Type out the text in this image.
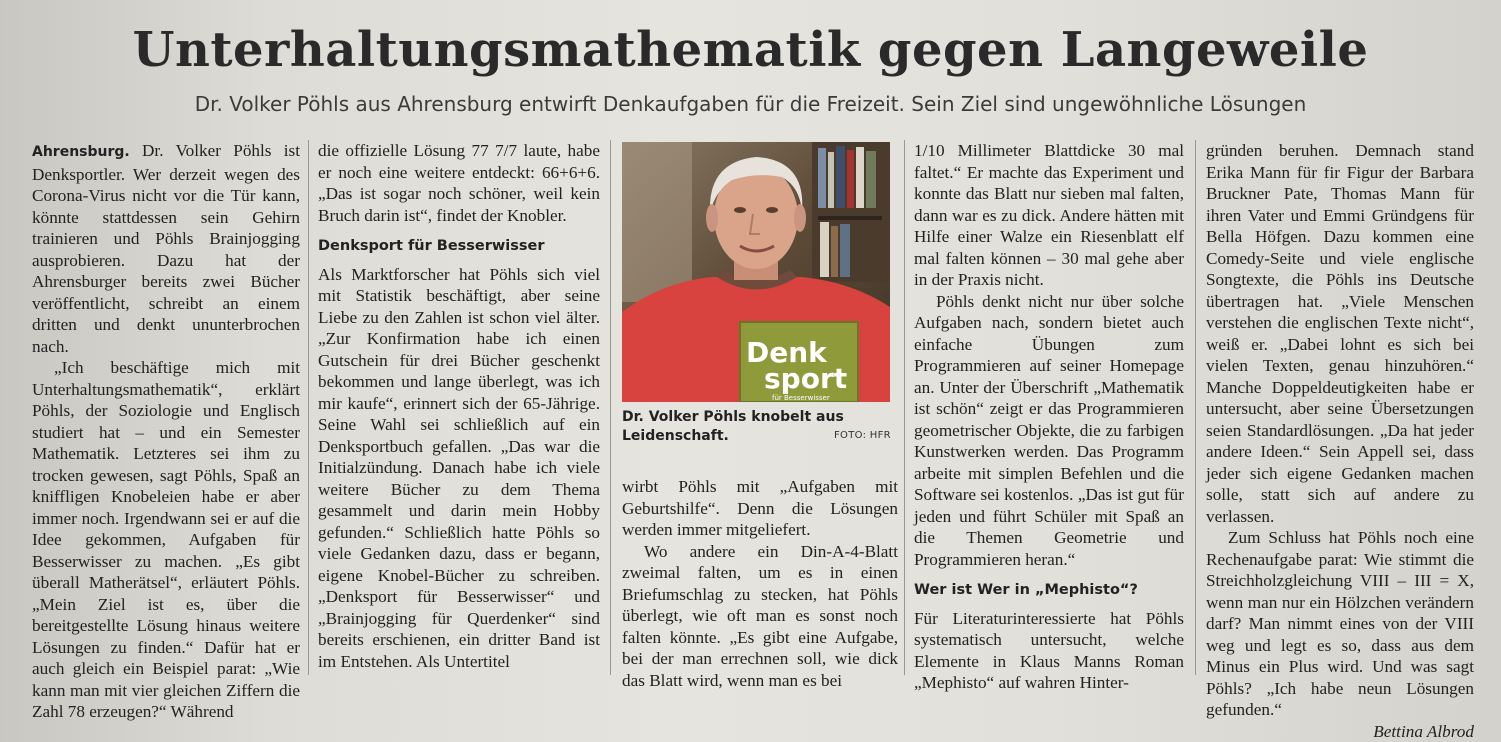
Unterhaltungsmathematik gegen Langeweile

Dr. Volker Pöhls aus Ahrensburg entwirft Denkaufgaben für die Freizeit. Sein Ziel sind ungewöhnliche Lösungen

Ahrensburg. Dr. Volker Pöhls ist Denksportler. Wer derzeit wegen des Corona-Virus nicht vor die Tür kann, könnte stattdessen sein Gehirn trainieren und Pöhls Brainjogging ausprobieren. Dazu hat der Ahrensburger bereits zwei Bücher veröffentlicht, schreibt an einem dritten und denkt ununterbrochen nach.

„Ich beschäftige mich mit Unterhaltungsmathematik“, erklärt Pöhls, der Soziologie und Englisch studiert hat – und ein Semester Mathematik. Letzteres sei ihm zu trocken gewesen, sagt Pöhls, Spaß an kniffligen Knobeleien habe er aber immer noch. Irgendwann sei er auf die Idee gekommen, Aufgaben für Besserwisser zu machen. „Es gibt überall Matherätsel“, erläutert Pöhls. „Mein Ziel ist es, über die bereitgestellte Lösung hinaus weitere Lösungen zu finden.“ Dafür hat er auch gleich ein Beispiel parat: „Wie kann man mit vier gleichen Ziffern die Zahl 78 erzeugen?“ Während

die offizielle Lösung 77 7/7 laute, habe er noch eine weitere entdeckt: 66+6+6. „Das ist sogar noch schöner, weil kein Bruch darin ist“, findet der Knobler.

Denksport für Besserwisser

Als Marktforscher hat Pöhls sich viel mit Statistik beschäftigt, aber seine Liebe zu den Zahlen ist schon viel älter. „Zur Konfirmation habe ich einen Gutschein für drei Bücher geschenkt bekommen und lange überlegt, was ich mir kaufe“, erinnert sich der 65-Jährige. Seine Wahl sei schließlich auf ein Denksportbuch gefallen. „Das war die Initialzündung. Danach habe ich viele weitere Bücher zu dem Thema gesammelt und darin mein Hobby gefunden.“ Schließlich hatte Pöhls so viele Gedanken dazu, dass er begann, eigene Knobel-Bücher zu schreiben. „Denksport für Besserwisser“ und „Brainjogging für Querdenker“ sind bereits erschienen, ein dritter Band ist im Entstehen. Als Untertitel

Denk
sport
für Besserwisser
Dr. Volker Pöhls knobelt aus Leidenschaft.	FOTO: HFR

wirbt Pöhls mit „Aufgaben mit Geburtshilfe“. Denn die Lösungen werden immer mitgeliefert.

Wo andere ein Din-A-4-Blatt zweimal falten, um es in einen Briefumschlag zu stecken, hat Pöhls überlegt, wie oft man es sonst noch falten könnte. „Es gibt eine Aufgabe, bei der man errechnen soll, wie dick das Blatt wird, wenn man es bei

1/10 Millimeter Blattdicke 30 mal faltet.“ Er machte das Experiment und konnte das Blatt nur sieben mal falten, dann war es zu dick. Andere hätten mit Hilfe einer Walze ein Riesenblatt elf mal falten können – 30 mal gehe aber in der Praxis nicht.

Pöhls denkt nicht nur über solche Aufgaben nach, sondern bietet auch einfache Übungen zum Programmieren auf seiner Homepage an. Unter der Überschrift „Mathematik ist schön“ zeigt er das Programmieren geometrischer Objekte, die zu farbigen Kunstwerken werden. Das Programm arbeite mit simplen Befehlen und die Software sei kostenlos. „Das ist gut für jeden und führt Schüler mit Spaß an die Themen Geometrie und Programmieren heran.“

Wer ist Wer in „Mephisto“?

Für Literaturinteressierte hat Pöhls systematisch untersucht, welche Elemente in Klaus Manns Roman „Mephisto“ auf wahren Hinter-

gründen beruhen. Demnach stand Erika Mann für fir Figur der Barbara Bruckner Pate, Thomas Mann für ihren Vater und Emmi Gründgens für Bella Höfgen. Dazu kommen eine Comedy-Seite und viele englische Songtexte, die Pöhls ins Deutsche übertragen hat. „Viele Menschen verstehen die englischen Texte nicht“, weiß er. „Dabei lohnt es sich bei vielen Texten, genau hinzuhören.“ Manche Doppeldeutigkeiten habe er untersucht, aber seine Übersetzungen seien Standardlösungen. „Da hat jeder andere Ideen.“ Sein Appell sei, dass jeder sich eigene Gedanken machen solle, statt sich auf andere zu verlassen.

Zum Schluss hat Pöhls noch eine Rechenaufgabe parat: Wie stimmt die Streichholzgleichung VIII – III = X, wenn man nur ein Hölzchen verändern darf? Man nimmt eines von der VIII weg und legt es so, dass aus dem Minus ein Plus wird. Und was sagt Pöhls? „Ich habe neun Lösungen gefunden.“

Bettina Albrod
